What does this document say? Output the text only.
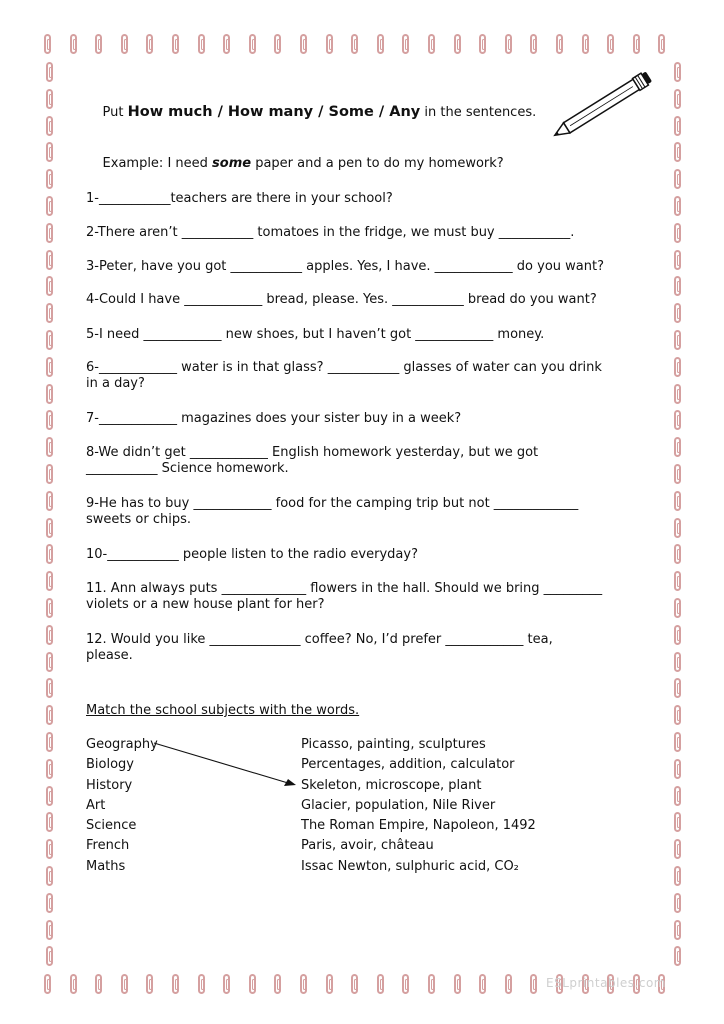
Put How much / How many / Some / Any in the sentences.

Example: I need some paper and a pen to do my homework?

1-___________teachers are there in your school?
2-There aren’t ___________ tomatoes in the fridge, we must buy ___________.
3-Peter, have you got ___________ apples. Yes, I have. ____________ do you want?
4-Could I have ____________ bread, please. Yes. ___________ bread do you want?
5-I need ____________ new shoes, but I haven’t got ____________ money.
6-____________ water is in that glass? ___________ glasses of water can you drink
in a day?
7-____________ magazines does your sister buy in a week?
8-We didn’t get ____________ English homework yesterday, but we got
___________ Science homework.
9-He has to buy ____________ food for the camping trip but not _____________
sweets or chips.
10-___________ people listen to the radio everyday?
11. Ann always puts _____________ flowers in the hall. Should we bring _________
violets or a new house plant for her?
12. Would you like ______________ coffee? No, I’d prefer ____________ tea,
please.
Match the school subjects with the words.
Geography
Biology
History
Art
Science
French
Maths
Picasso, painting, sculptures
Percentages, addition, calculator
Skeleton, microscope, plant
Glacier, population, Nile River
The Roman Empire, Napoleon, 1492
Paris, avoir, château
Issac Newton, sulphuric acid, CO₂
ESLprintables.com
